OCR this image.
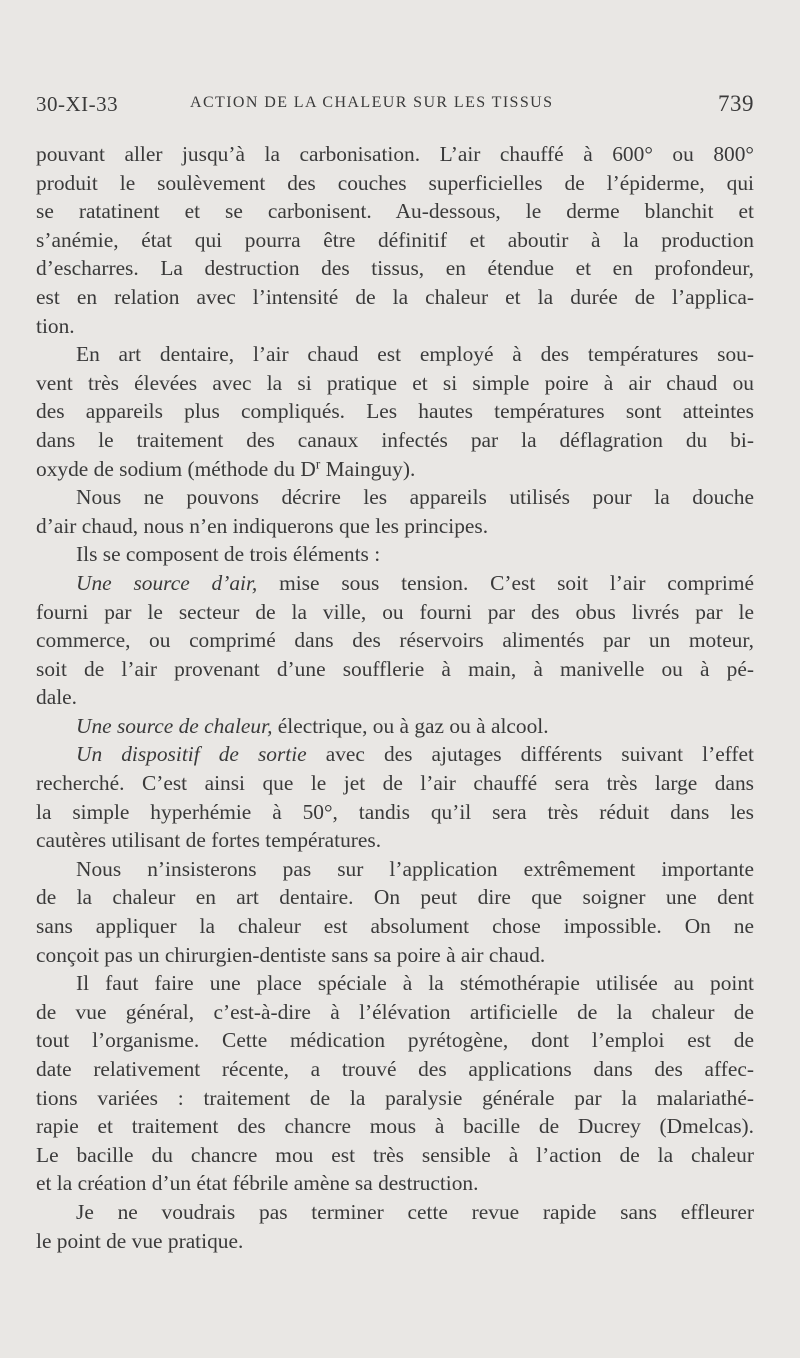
30-XI-33	ACTION DE LA CHALEUR SUR LES TISSUS	739

pouvant aller jusqu’à la carbonisation. L’air chauffé à 600° ou 800°

produit le soulèvement des couches superficielles de l’épiderme, qui

se ratatinent et se carbonisent. Au-dessous, le derme blanchit et

s’anémie, état qui pourra être définitif et aboutir à la production

d’escharres. La destruction des tissus, en étendue et en profondeur,

est en relation avec l’intensité de la chaleur et la durée de l’applica-

tion.

En art dentaire, l’air chaud est employé à des températures sou-

vent très élevées avec la si pratique et si simple poire à air chaud ou

des appareils plus compliqués. Les hautes températures sont atteintes

dans le traitement des canaux infectés par la déflagration du bi-

oxyde de sodium (méthode du $D^r$ Mainguy).

Nous ne pouvons décrire les appareils utilisés pour la douche

d’air chaud, nous n’en indiquerons que les principes.

Ils se composent de trois éléments :

Une source d’air, mise sous tension. C’est soit l’air comprimé

fourni par le secteur de la ville, ou fourni par des obus livrés par le

commerce, ou comprimé dans des réservoirs alimentés par un moteur,

soit de l’air provenant d’une soufflerie à main, à manivelle ou à pé-

dale.

Une source de chaleur, électrique, ou à gaz ou à alcool.

Un dispositif de sortie avec des ajutages différents suivant l’effet

recherché. C’est ainsi que le jet de l’air chauffé sera très large dans

la simple hyperhémie à 50°, tandis qu’il sera très réduit dans les

cautères utilisant de fortes températures.

Nous n’insisterons pas sur l’application extrêmement importante

de la chaleur en art dentaire. On peut dire que soigner une dent

sans appliquer la chaleur est absolument chose impossible. On ne

conçoit pas un chirurgien-dentiste sans sa poire à air chaud.

Il faut faire une place spéciale à la stémothérapie utilisée au point

de vue général, c’est-à-dire à l’élévation artificielle de la chaleur de

tout l’organisme. Cette médication pyrétogène, dont l’emploi est de

date relativement récente, a trouvé des applications dans des affec-

tions variées : traitement de la paralysie générale par la malariathé-

rapie et traitement des chancre mous à bacille de Ducrey (Dmelcas).

Le bacille du chancre mou est très sensible à l’action de la chaleur

et la création d’un état fébrile amène sa destruction.

Je ne voudrais pas terminer cette revue rapide sans effleurer

le point de vue pratique.
